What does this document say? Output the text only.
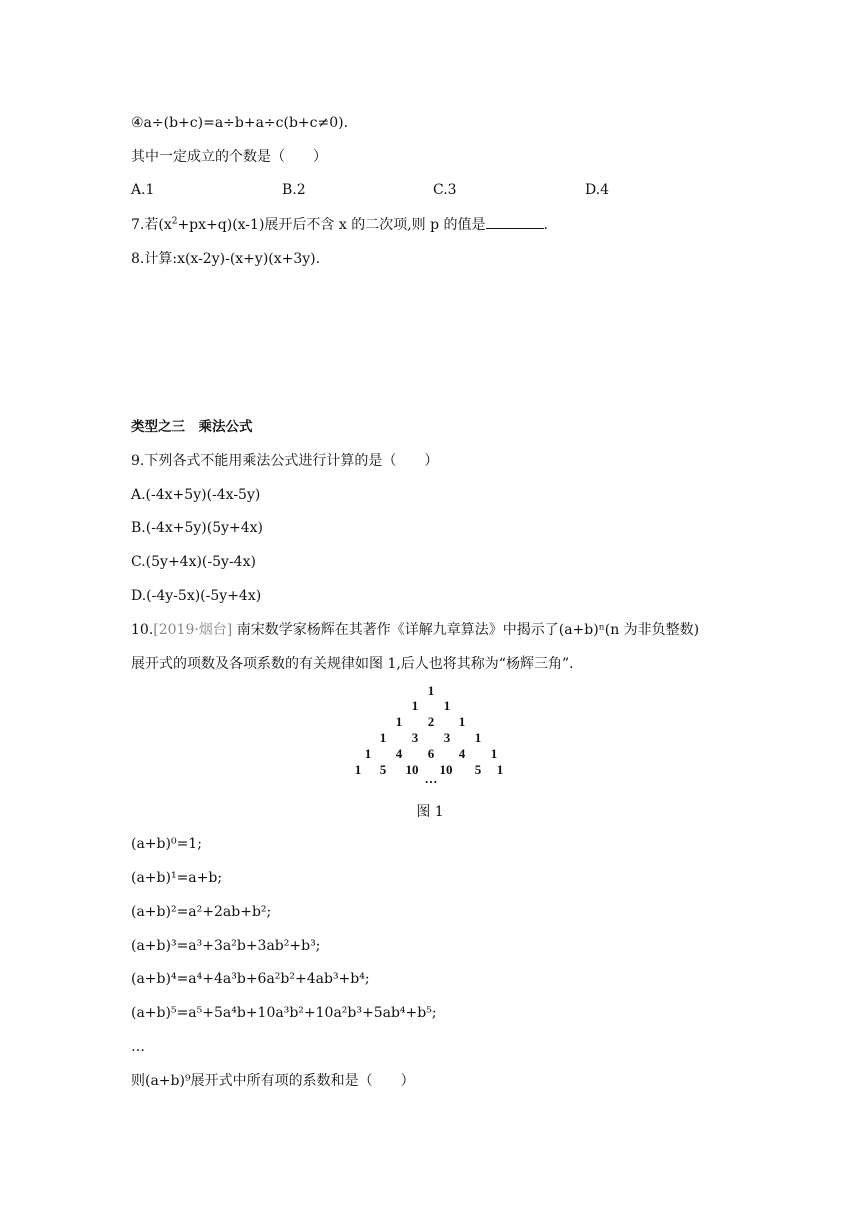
④a÷(b+c)=a÷b+a÷c(b+c≠0).
其中一定成立的个数是（　　）
A.1	B.2	C.3	D.4
7.若$(x^2+px+q)(x-1)$展开后不含 x 的二次项,则 p 的值是	.
8.计算:x(x-2y)-(x+y)(x+3y).
类型之三　乘法公式
9.下列各式不能用乘法公式进行计算的是（　　）
A.(-4x+5y)(-4x-5y)
B.(-4x+5y)(5y+4x)
C.(5y+4x)(-5y-4x)
D.(-4y-5x)(-5y+4x)
10.[2019·烟台] 南宋数学家杨辉在其著作《详解九章算法》中揭示了(a+b)ⁿ(n 为非负整数)
展开式的项数及各项系数的有关规律如图 1,后人也将其称为“杨辉三角”.
1
1 1
1 2 1
1 3 3 1
1 4 6 4 1
1 5 10 10 5 1
···
图 1
(a+b)⁰=1;
(a+b)¹=a+b;
(a+b)²=a²+2ab+b²;
(a+b)³=a³+3a²b+3ab²+b³;
(a+b)⁴=a⁴+4a³b+6a²b²+4ab³+b⁴;
(a+b)⁵=a⁵+5a⁴b+10a³b²+10a²b³+5ab⁴+b⁵;
…
则(a+b)⁹展开式中所有项的系数和是（　　）
